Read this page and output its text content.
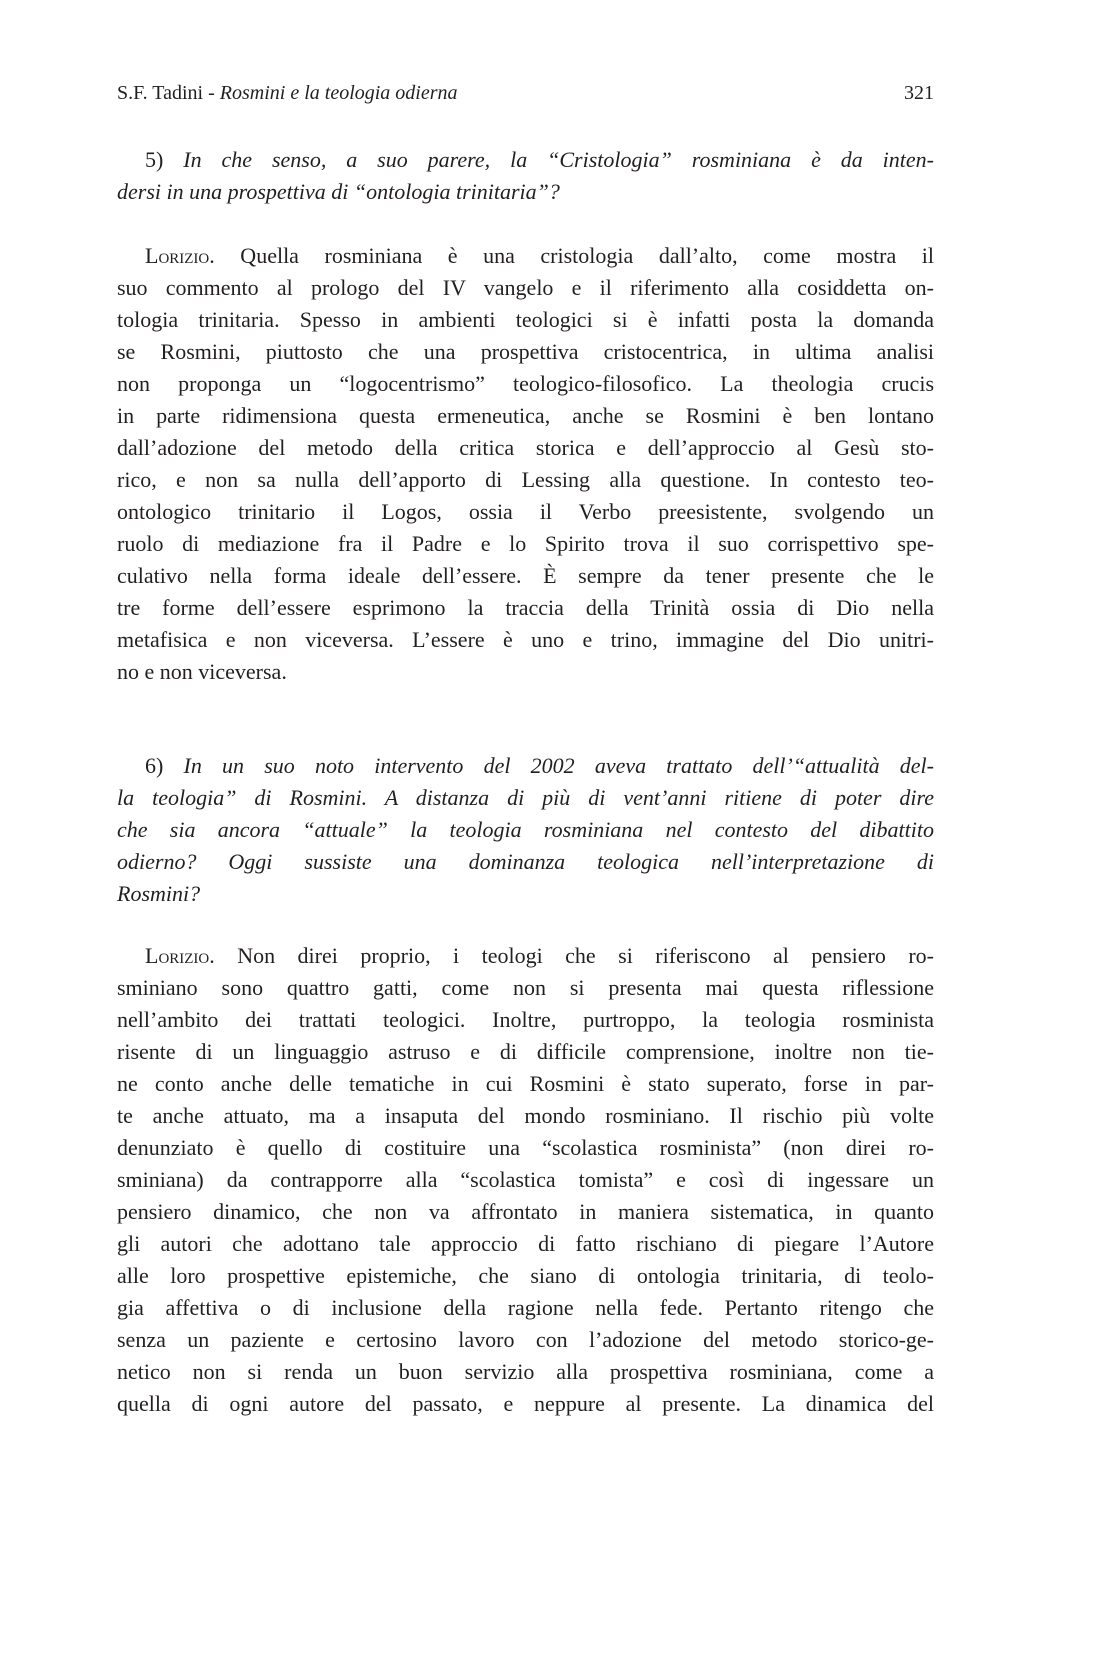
S.F. Tadini - Rosmini e la teologia odierna	321
5) In che senso, a suo parere, la “Cristologia” rosminiana è da inten-
dersi in una prospettiva di “ontologia trinitaria”?
Lorizio. Quella rosminiana è una cristologia dall’alto, come mostra il
suo commento al prologo del IV vangelo e il riferimento alla cosiddetta on-
tologia trinitaria. Spesso in ambienti teologici si è infatti posta la domanda
se Rosmini, piuttosto che una prospettiva cristocentrica, in ultima analisi
non proponga un “logocentrismo” teologico-filosofico. La theologia crucis
in parte ridimensiona questa ermeneutica, anche se Rosmini è ben lontano
dall’adozione del metodo della critica storica e dell’approccio al Gesù sto-
rico, e non sa nulla dell’apporto di Lessing alla questione. In contesto teo-
ontologico trinitario il Logos, ossia il Verbo preesistente, svolgendo un
ruolo di mediazione fra il Padre e lo Spirito trova il suo corrispettivo spe-
culativo nella forma ideale dell’essere. È sempre da tener presente che le
tre forme dell’essere esprimono la traccia della Trinità ossia di Dio nella
metafisica e non viceversa. L’essere è uno e trino, immagine del Dio unitri-
no e non viceversa.
6) In un suo noto intervento del 2002 aveva trattato dell’“attualità del-
la teologia” di Rosmini. A distanza di più di vent’anni ritiene di poter dire
che sia ancora “attuale” la teologia rosminiana nel contesto del dibattito
odierno? Oggi sussiste una dominanza teologica nell’interpretazione di
Rosmini?
Lorizio. Non direi proprio, i teologi che si riferiscono al pensiero ro-
sminiano sono quattro gatti, come non si presenta mai questa riflessione
nell’ambito dei trattati teologici. Inoltre, purtroppo, la teologia rosminista
risente di un linguaggio astruso e di difficile comprensione, inoltre non tie-
ne conto anche delle tematiche in cui Rosmini è stato superato, forse in par-
te anche attuato, ma a insaputa del mondo rosminiano. Il rischio più volte
denunziato è quello di costituire una “scolastica rosminista” (non direi ro-
sminiana) da contrapporre alla “scolastica tomista” e così di ingessare un
pensiero dinamico, che non va affrontato in maniera sistematica, in quanto
gli autori che adottano tale approccio di fatto rischiano di piegare l’Autore
alle loro prospettive epistemiche, che siano di ontologia trinitaria, di teolo-
gia affettiva o di inclusione della ragione nella fede. Pertanto ritengo che
senza un paziente e certosino lavoro con l’adozione del metodo storico-ge-
netico non si renda un buon servizio alla prospettiva rosminiana, come a
quella di ogni autore del passato, e neppure al presente. La dinamica del
